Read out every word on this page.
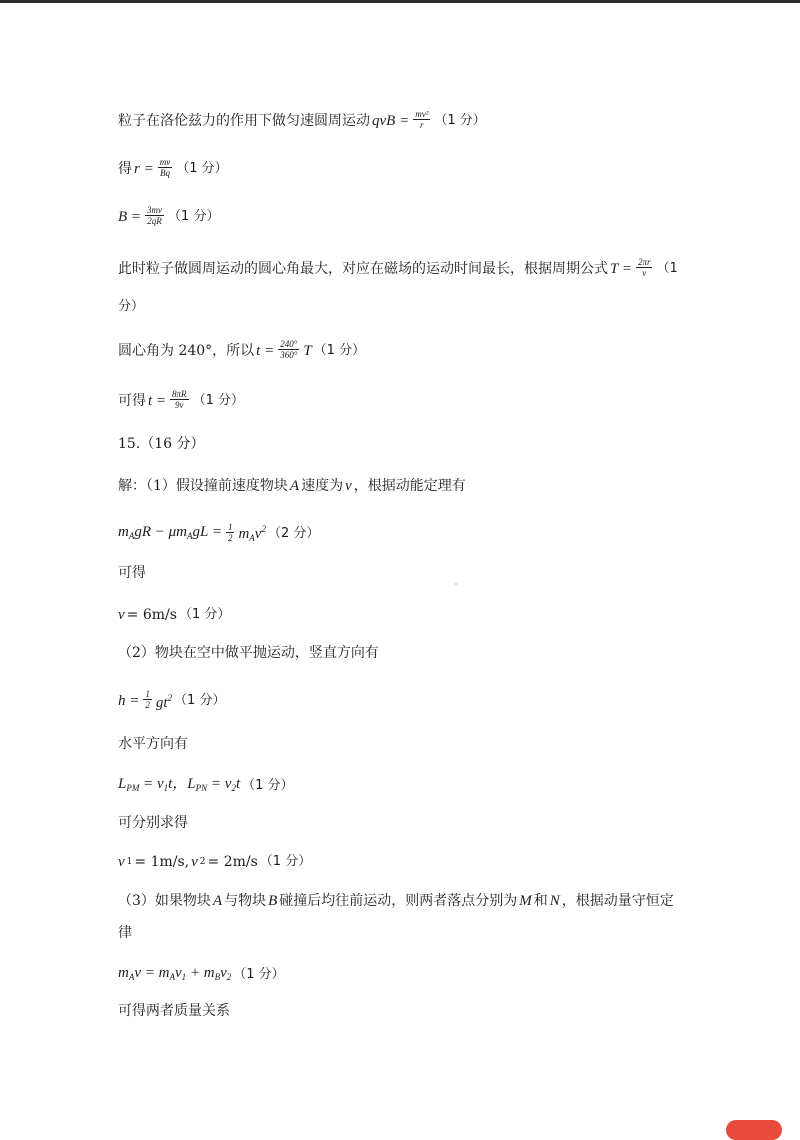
粒子在洛伦兹力的作用下做匀速圆周运动 qvB = $\frac{\text{mv²}}{r} (1$ 分）
得 $r = \frac{mv}{Bq} (1$ 分）
$B = \frac{3mv}{2qR} (1$ 分）
此时粒子做圆周运动的圆心角最大，对应在磁场的运动时间最长，根据周期公式 $T = \frac{2\pi r}{v} (1$
分）
圆心角为 240°，所以 $t = \frac{240^\circ}{360^\circ}$ T （1 分）
可得 $t = \frac{8\pi R}{9v} (1$ 分）
15.（16 分）
解：（1）假设撞前速度物块 A 速度为 v ，根据动能定理有
$m_AgR - \mu m_AgL = \frac{1}{2} m_Av^2$ （2 分）
可得
v = 6m/s （1 分）
（2）物块在空中做平抛运动，竖直方向有
$h = \frac{1}{2} gt^2$ （1 分）
水平方向有
$L_{PM} = v_1t$，$L_{PN} = v_2t$ （1 分）
可分别求得
v 1 = 1m/s, v 2 = 2m/s （1 分）
（3）如果物块 A 与物块 B 碰撞后均往前运动，则两者落点分别为 M 和 N ，根据动量守恒定
律
$m_Av = m_Av_1 + m_Bv_2$ （1 分）
可得两者质量关系
